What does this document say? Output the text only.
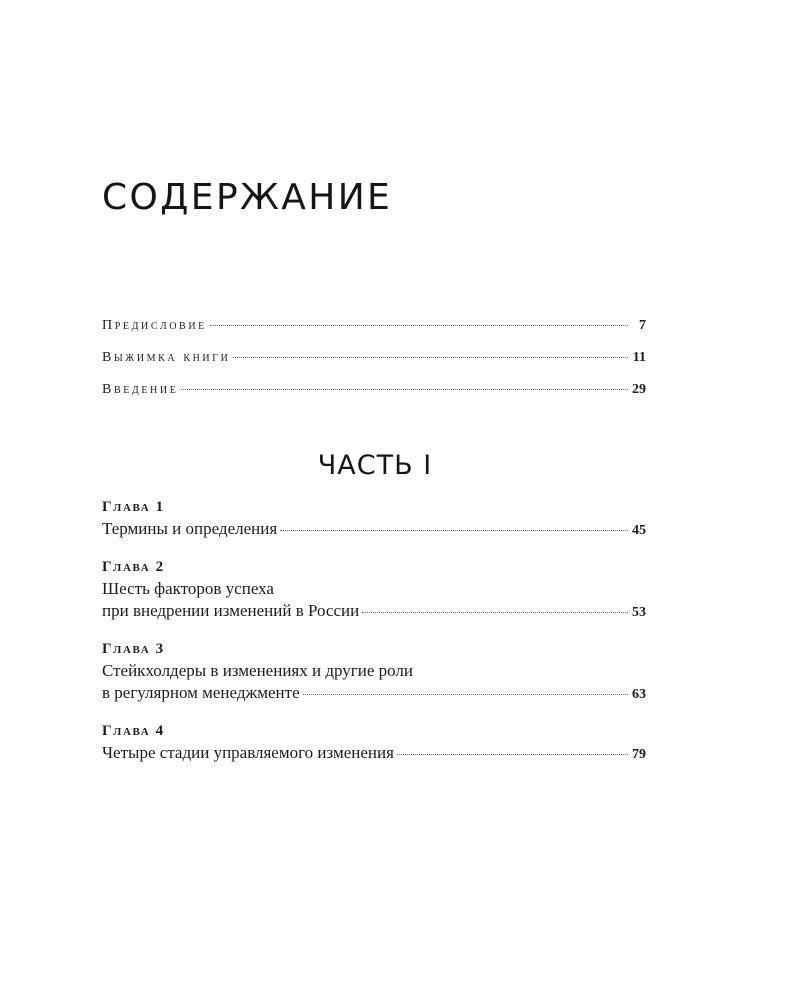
СОДЕРЖАНИЕ
Предисловие	7
Выжимка книги	11
Введение	29
ЧАСТЬ I
Глава 1
Термины и определения	45
Глава 2
Шесть факторов успеха
при внедрении изменений в России	53
Глава 3
Стейкхолдеры в изменениях и другие роли
в регулярном менеджменте	63
Глава 4
Четыре стадии управляемого изменения	79
